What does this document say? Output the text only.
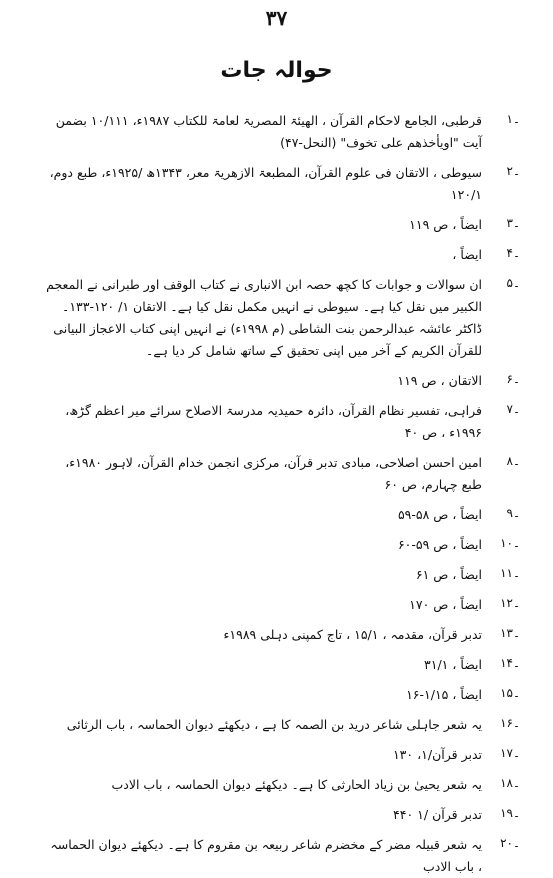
۳۷
حوالہ جات
۔١
قرطبی، الجامع لاحکام القرآن ، الھیئۃ المصریۃ لعامۃ للکتاب ۱۹۸۷ء، ۱۰/۱۱۱ بضمن آیت "اویأخذھم علی تخوف" (النحل-۴۷)
۔٢
سیوطی ، الاتقان فی علوم القرآن، المطبعۃ الازھریۃ معر، ۱۳۴۳ھ /۱۹۲۵ء، طبع دوم، ۱۲۰/۱
۔٣
ایضاً ، ص ۱۱۹
۔۴
ایضاً ،
۔۵
ان سوالات و جوابات کا کچھ حصہ ابن الانباری نے کتاب الوقف اور طبرانی نے المعجم الکبیر میں نقل کیا ہے۔ سیوطی نے انہیں مکمل نقل کیا ہے۔ الاتقان ۱/ ۱۲۰-۱۳۳۔ ڈاکٹر عائشہ عبدالرحمن بنت الشاطی (م ۱۹۹۸ء) نے انہیں اپنی کتاب الاعجاز البیانی للقرآن الکریم کے آخر میں اپنی تحقیق کے ساتھ شامل کر دیا ہے۔
۔۶
الاتقان ، ص ۱۱۹
۔۷
فراہی، تفسیر نظام القرآن، دائرہ حمیدیہ مدرسۃ الاصلاح سرائے میر اعظم گڑھ، ۱۹۹۶ء ، ص ۴۰
۔۸
امین احسن اصلاحی، مبادی تدبر قرآن، مرکزی انجمن خدام القرآن، لاہور ۱۹۸۰ء، طبع چہارم، ص ۶۰
۔۹
ایضاً ، ص ۵۸-۵۹
۔۱۰
ایضاً ، ص ۵۹-۶۰
۔۱۱
ایضاً ، ص ۶۱
۔۱۲
ایضاً ، ص ۱۷۰
۔۱۳
تدبر قرآن، مقدمہ ، ۱۵/۱ ، تاج کمپنی دہلی ۱۹۸۹ء
۔۱۴
ایضاً ، ۳۱/۱
۔۱۵
ایضاً ، ۱/۱۵-۱۶
۔۱۶
یہ شعر جاہلی شاعر درید بن الصمہ کا ہے ، دیکھئے دیوان الحماسہ ، باب الرثائی
۔۱۷
تدبر قرآن/۱، ۱۳۰
۔۱۸
یہ شعر یحییٰ بن زیاد الحارثی کا ہے۔ دیکھئے دیوان الحماسہ ، باب الادب
۔۱۹
تدبر قرآن /۱ ۴۴۰
۔۲۰
یہ شعر قبیلہ مضر کے مخضرم شاعر ربیعہ بن مقروم کا ہے۔ دیکھئے دیوان الحماسہ ، باب الادب
